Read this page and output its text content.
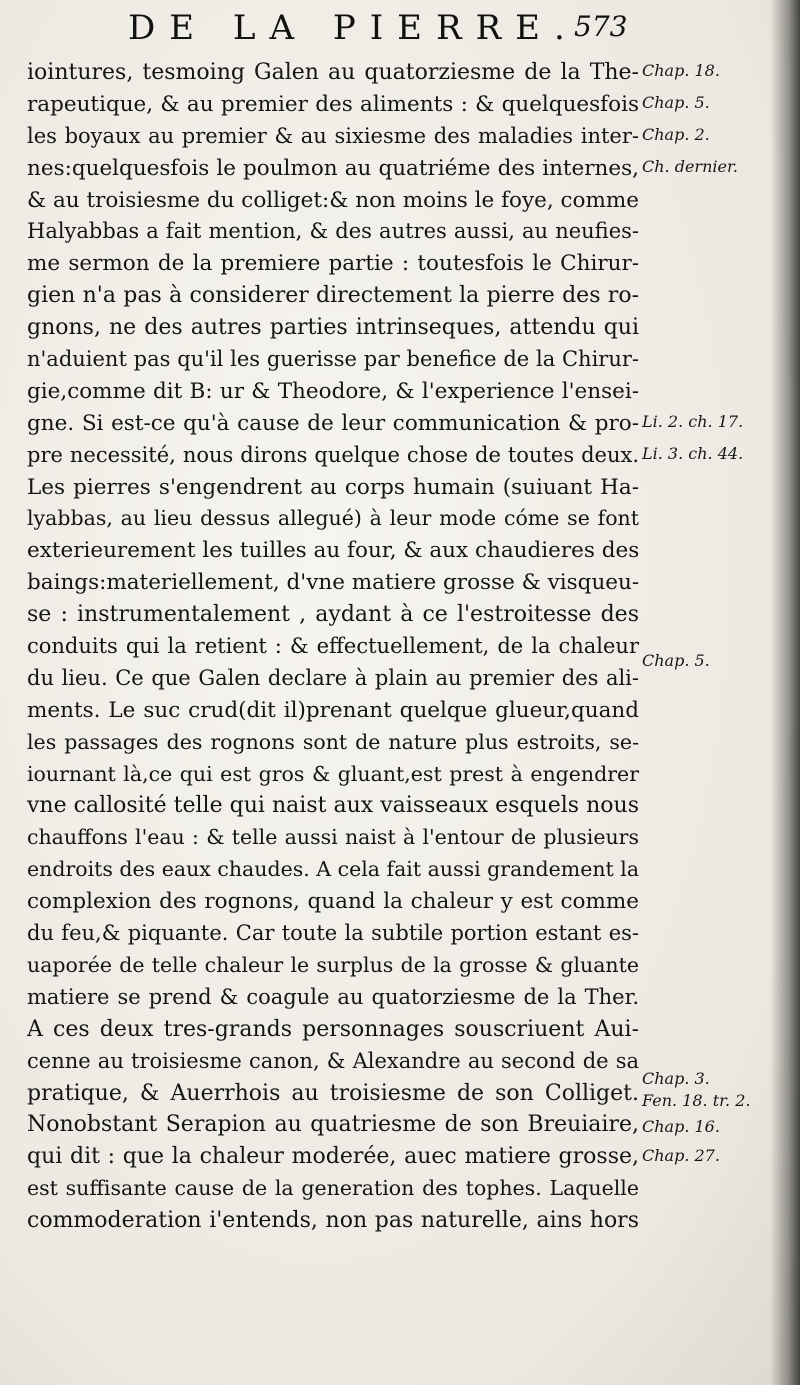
DE LA PIERRE.
573
iointures, tesmoing Galen au quatorziesme de la The-
rapeutique, & au premier des aliments : & quelquesfois
les boyaux au premier & au sixiesme des maladies inter-
nes:quelquesfois le poulmon au quatriéme des internes,
& au troisiesme du colliget:& non moins le foye, comme
Halyabbas a fait mention, & des autres aussi, au neufies-
me sermon de la premiere partie : toutesfois le Chirur-
gien n'a pas à considerer directement la pierre des ro-
gnons, ne des autres parties intrinseques, attendu qui
n'aduient pas qu'il les guerisse par benefice de la Chirur-
gie,comme dit B: ur & Theodore, & l'experience l'ensei-
gne. Si est-ce qu'à cause de leur communication & pro-
pre necessité, nous dirons quelque chose de toutes deux.
Les pierres s'engendrent au corps humain (suiuant Ha-
lyabbas, au lieu dessus allegué) à leur mode cóme se font
exterieurement les tuilles au four, & aux chaudieres des
baings:materiellement, d'vne matiere grosse & visqueu-
se : instrumentalement , aydant à ce l'estroitesse des
conduits qui la retient : & effectuellement, de la chaleur
du lieu. Ce que Galen declare à plain au premier des ali-
ments. Le suc crud(dit il)prenant quelque glueur,quand
les passages des rognons sont de nature plus estroits, se-
iournant là,ce qui est gros & gluant,est prest à engendrer
vne callosité telle qui naist aux vaisseaux esquels nous
chauffons l'eau : & telle aussi naist à l'entour de plusieurs
endroits des eaux chaudes. A cela fait aussi grandement la
complexion des rognons, quand la chaleur y est comme
du feu,& piquante. Car toute la subtile portion estant es-
uaporée de telle chaleur le surplus de la grosse & gluante
matiere se prend & coagule au quatorziesme de la Ther.
A ces deux tres-grands personnages souscriuent Aui-
cenne au troisiesme canon, & Alexandre au second de sa
pratique, & Auerrhois au troisiesme de son Colliget.
Nonobstant Serapion au quatriesme de son Breuiaire,
qui dit : que la chaleur moderée, auec matiere grosse,
est suffisante cause de la generation des tophes. Laquelle
commoderation i'entends, non pas naturelle, ains hors
Chap. 18.
Chap. 5.
Chap. 2.
Ch. dernier.
Li. 2. ch. 17.
Li. 3. ch. 44.
Chap. 5.
Chap. 3.
Fen. 18. tr. 2.
Chap. 16.
Chap. 27.
